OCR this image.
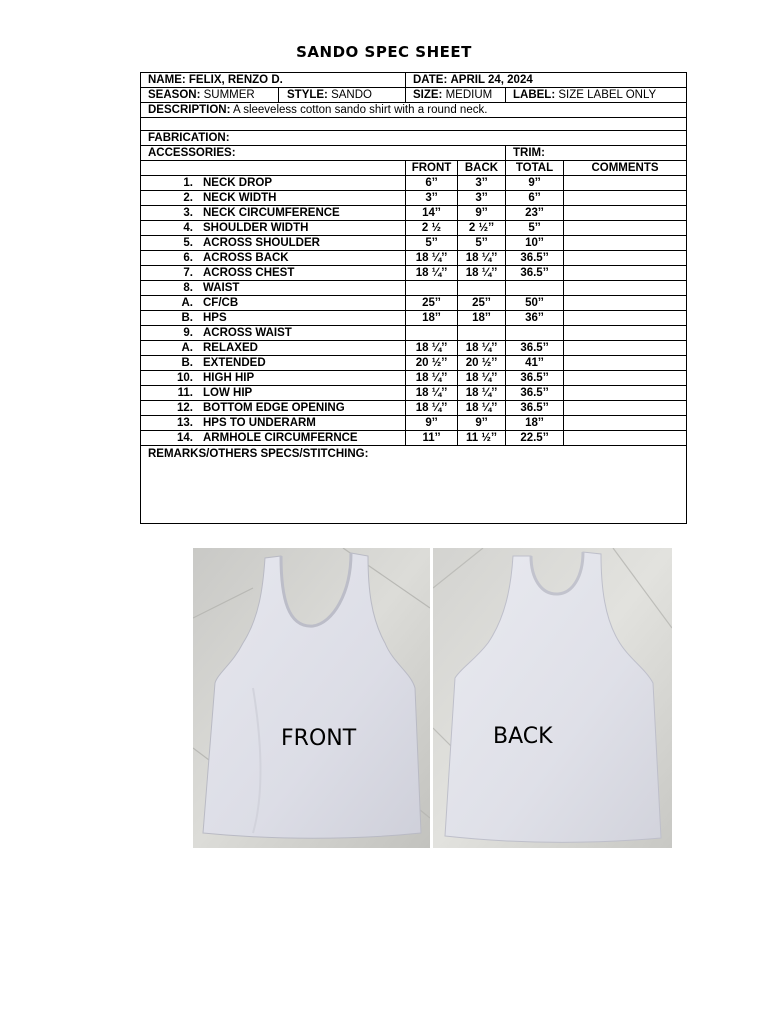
SANDO SPEC SHEET
NAME: FELIX, RENZO D.	DATE: APRIL 24, 2024			

SEASON: SUMMER STYLE: SANDO	SIZE: MEDIUM		LABEL: SIZE LABEL ONLY	
DESCRIPTION: A sleeveless cotton sando shirt with a round neck.				

FABRICATION:				
ACCESSORIES:			TRIM:	
	FRONT	BACK	TOTAL	COMMENTS
1. NECK DROP	6’’	3’’	9’’	
2. NECK WIDTH	3’’	3’’	6’’	
3. NECK CIRCUMFERENCE	14’’	9’’	23’’	
4. SHOULDER WIDTH	2 ½	2 ½’’	5’’	
5. ACROSS SHOULDER	5’’	5’’	10’’	
6. ACROSS BACK	18 ¼’’	18 ¼’’	36.5’’	
7. ACROSS CHEST	18 ¼’’	18 ¼’’	36.5’’	
8. WAIST				
A. CF/CB	25’’	25’’	50’’	
B. HPS	18’’	18’’	36’’	
9. ACROSS WAIST				
A. RELAXED	18 ¼’’	18 ¼’’	36.5’’	
B. EXTENDED	20 ½’’	20 ½’’	41’’	
10. HIGH HIP	18 ¼’’	18 ¼’’	36.5’’	
11. LOW HIP	18 ¼’’	18 ¼’’	36.5’’	
12. BOTTOM EDGE OPENING	18 ¼’’	18 ¼’’	36.5’’	
13. HPS TO UNDERARM	9’’	9’’	18’’	
14. ARMHOLE CIRCUMFERNCE	11’’	11 ½’’	22.5’’	
REMARKS/OTHERS SPECS/STITCHING:				
FRONT	BACK
